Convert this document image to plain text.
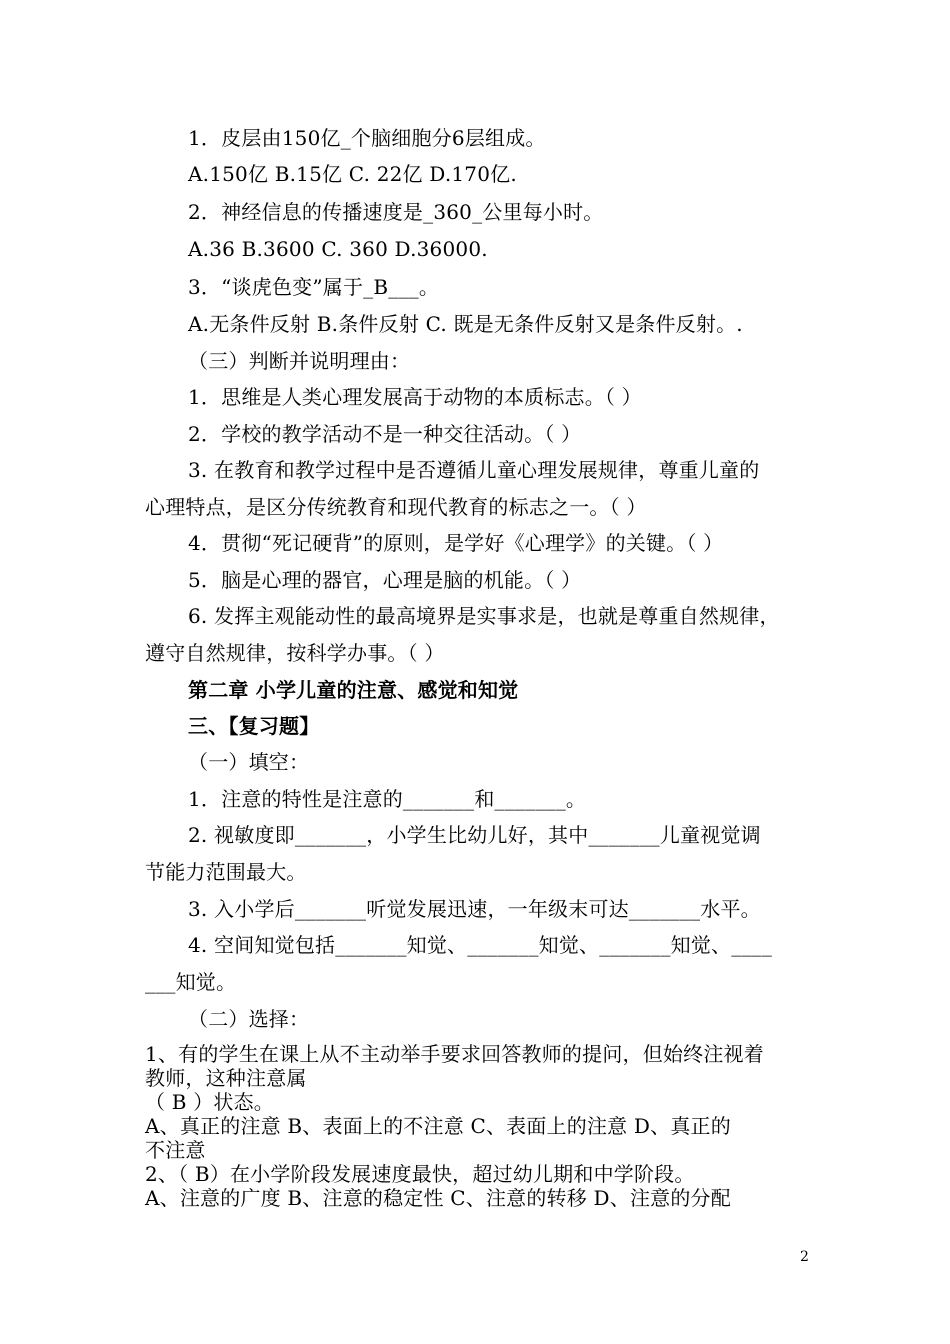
1．皮层由150亿_个脑细胞分6层组成。
A.150亿 B.15亿 C. 22亿 D.170亿.
2．神经信息的传播速度是_360_公里每小时。
A.36 B.3600 C. 360 D.36000.
3．“谈虎色变”属于_B___。
A.无条件反射 B.条件反射 C. 既是无条件反射又是条件反射。.
（三）判断并说明理由：
1．思维是人类心理发展高于动物的本质标志。（ ）
2．学校的教学活动不是一种交往活动。（ ）
3. 在教育和教学过程中是否遵循儿童心理发展规律，尊重儿童的
心理特点，是区分传统教育和现代教育的标志之一。（ ）
4．贯彻“死记硬背”的原则，是学好《心理学》的关键。（ ）
5．脑是心理的器官，心理是脑的机能。（ ）
6. 发挥主观能动性的最高境界是实事求是，也就是尊重自然规律，
遵守自然规律，按科学办事。（ ）
第二章 小学儿童的注意、感觉和知觉
三、【复习题】
（一）填空：
1．注意的特性是注意的_______和_______。
2. 视敏度即_______，小学生比幼儿好，其中_______儿童视觉调
节能力范围最大。
3. 入小学后_______听觉发展迅速，一年级末可达_______水平。
4. 空间知觉包括_______知觉、_______知觉、_______知觉、____
___知觉。
（二）选择：
1、有的学生在课上从不主动举手要求回答教师的提问，但始终注视着
教师，这种注意属
（ B ）状态。
A、真正的注意 B、表面上的不注意 C、表面上的注意 D、真正的
不注意
2、（ B）在小学阶段发展速度最快，超过幼儿期和中学阶段。
A、注意的广度 B、注意的稳定性 C、注意的转移 D、注意的分配
2
